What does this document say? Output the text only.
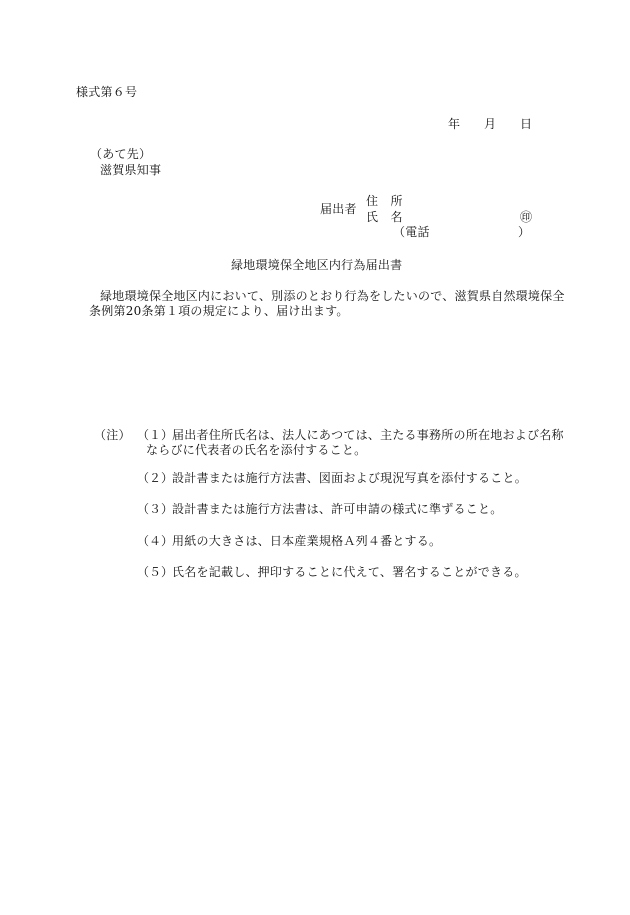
様式第６号
年 月 日
（あて先）
滋賀県知事
届出者
住　所
氏　名	㊞
（電話	）
緑地環境保全地区内行為届出書
緑地環境保全地区内において、別添のとおり行為をしたいので、滋賀県自然環境保全
条例第20条第１項の規定により、届け出ます。
（注） （１）
届出者住所氏名は、法人にあつては、主たる事務所の所在地および名称
ならびに代表者の氏名を添付すること。
（２）
設計書または施行方法書、図面および現況写真を添付すること。
（３）
設計書または施行方法書は、許可申請の様式に準ずること。
（４）
用紙の大きさは、日本産業規格Ａ列４番とする。
（５）
氏名を記載し、押印することに代えて、署名することができる。
